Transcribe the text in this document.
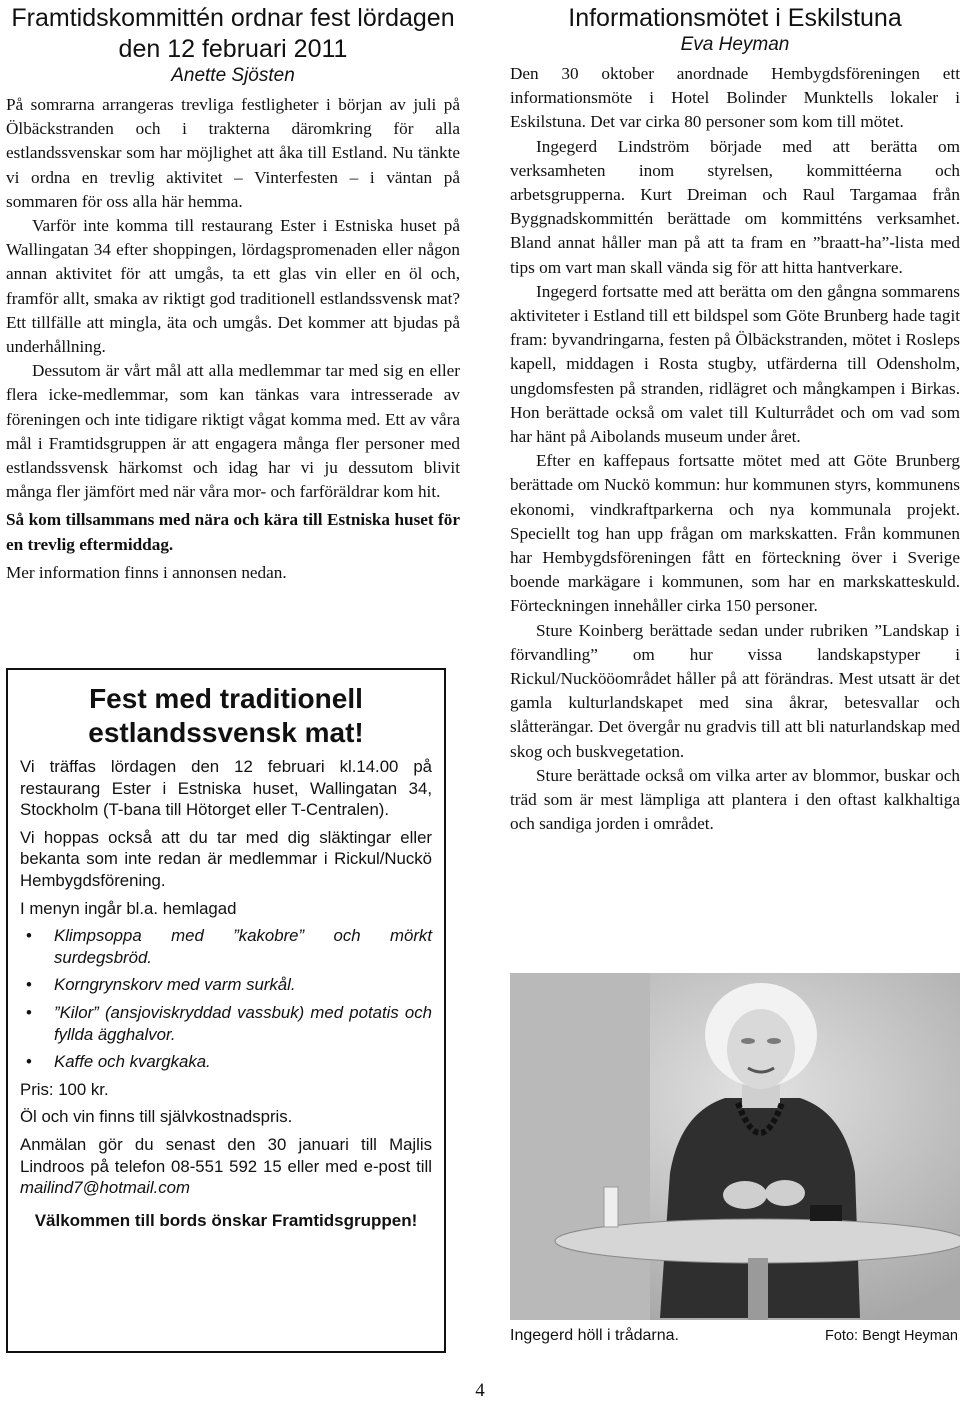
Framtidskommittén ordnar fest lördagen den 12 februari 2011
Anette Sjösten

På somrarna arrangeras trevliga festligheter i början av juli på Ölbäckstranden och i trakterna däromkring för alla estlandssvenskar som har möjlighet att åka till Estland. Nu tänkte vi ordna en trevlig aktivitet – Vinterfesten – i väntan på sommaren för oss alla här hemma.

Varför inte komma till restaurang Ester i Estniska huset på Wallingatan 34 efter shoppingen, lördagspromenaden eller någon annan aktivitet för att umgås, ta ett glas vin eller en öl och, framför allt, smaka av riktigt god traditionell estlandssvensk mat? Ett tillfälle att mingla, äta och umgås. Det kommer att bjudas på underhållning.

Dessutom är vårt mål att alla medlemmar tar med sig en eller flera icke-medlemmar, som kan tänkas vara intresserade av föreningen och inte tidigare riktigt vågat komma med. Ett av våra mål i Framtidsgruppen är att engagera många fler personer med estlandssvensk härkomst och idag har vi ju dessutom blivit många fler jämfört med när våra mor- och farföräldrar kom hit.

Så kom tillsammans med nära och kära till Estniska huset för en trevlig eftermiddag.

Mer information finns i annonsen nedan.

Fest med traditionell estlandssvensk mat!

Vi träffas lördagen den 12 februari kl.14.00 på restaurang Ester i Estniska huset, Wallingatan 34, Stockholm (T-bana till Hötorget eller T-Centralen).

Vi hoppas också att du tar med dig släktingar eller bekanta som inte redan är medlemmar i Rickul/Nuckö Hembygdsförening.

I menyn ingår bl.a. hemlagad

• Klimpsoppa med ”kakobre” och mörkt surdegsbröd.
• Korngrynskorv med varm surkål.
• ”Kilor” (ansjoviskryddad vassbuk) med potatis och fyllda ägghalvor.
• Kaffe och kvargkaka.

Pris: 100 kr.

Öl och vin finns till självkostnadspris.

Anmälan gör du senast den 30 januari till Majlis Lindroos på telefon 08-551 592 15 eller med e-post till mailind7@hotmail.com

Välkommen till bords önskar Framtidsgruppen!
Informationsmötet i Eskilstuna
Eva Heyman

Den 30 oktober anordnade Hembygdsföreningen ett informationsmöte i Hotel Bolinder Munktells lokaler i Eskilstuna. Det var cirka 80 personer som kom till mötet.

Ingegerd Lindström började med att berätta om verksamheten inom styrelsen, kommittéerna och arbetsgrupperna. Kurt Dreiman och Raul Targamaa från Byggnadskommittén berättade om kommitténs verksamhet. Bland annat håller man på att ta fram en ”braatt-ha”-lista med tips om vart man skall vända sig för att hitta hantverkare.

Ingegerd fortsatte med att berätta om den gångna sommarens aktiviteter i Estland till ett bildspel som Göte Brunberg hade tagit fram: byvandringarna, festen på Ölbäckstranden, mötet i Rosleps kapell, middagen i Rosta stugby, utfärderna till Odensholm, ungdomsfesten på stranden, ridlägret och mångkampen i Birkas. Hon berättade också om valet till Kulturrådet och om vad som har hänt på Aibolands museum under året.

Efter en kaffepaus fortsatte mötet med att Göte Brunberg berättade om Nuckö kommun: hur kommunen styrs, kommunens ekonomi, vindkraftparkerna och nya kommunala projekt. Speciellt tog han upp frågan om markskatten. Från kommunen har Hembygdsföreningen fått en förteckning över i Sverige boende markägare i kommunen, som har en markskatteskuld. Förteckningen innehåller cirka 150 personer.

Sture Koinberg berättade sedan under rubriken ”Landskap i förvandling” om hur vissa landskapstyper i Rickul/Nuckööområdet håller på att förändras. Mest utsatt är det gamla kulturlandskapet med sina åkrar, betesvallar och slåtterängar. Det övergår nu gradvis till att bli naturlandskap med skog och buskvegetation.

Sture berättade också om vilka arter av blommor, buskar och träd som är mest lämpliga att plantera i den oftast kalkhaltiga och sandiga jorden i området.

Ingegerd höll i trådarna.	Foto: Bengt Heyman
4
